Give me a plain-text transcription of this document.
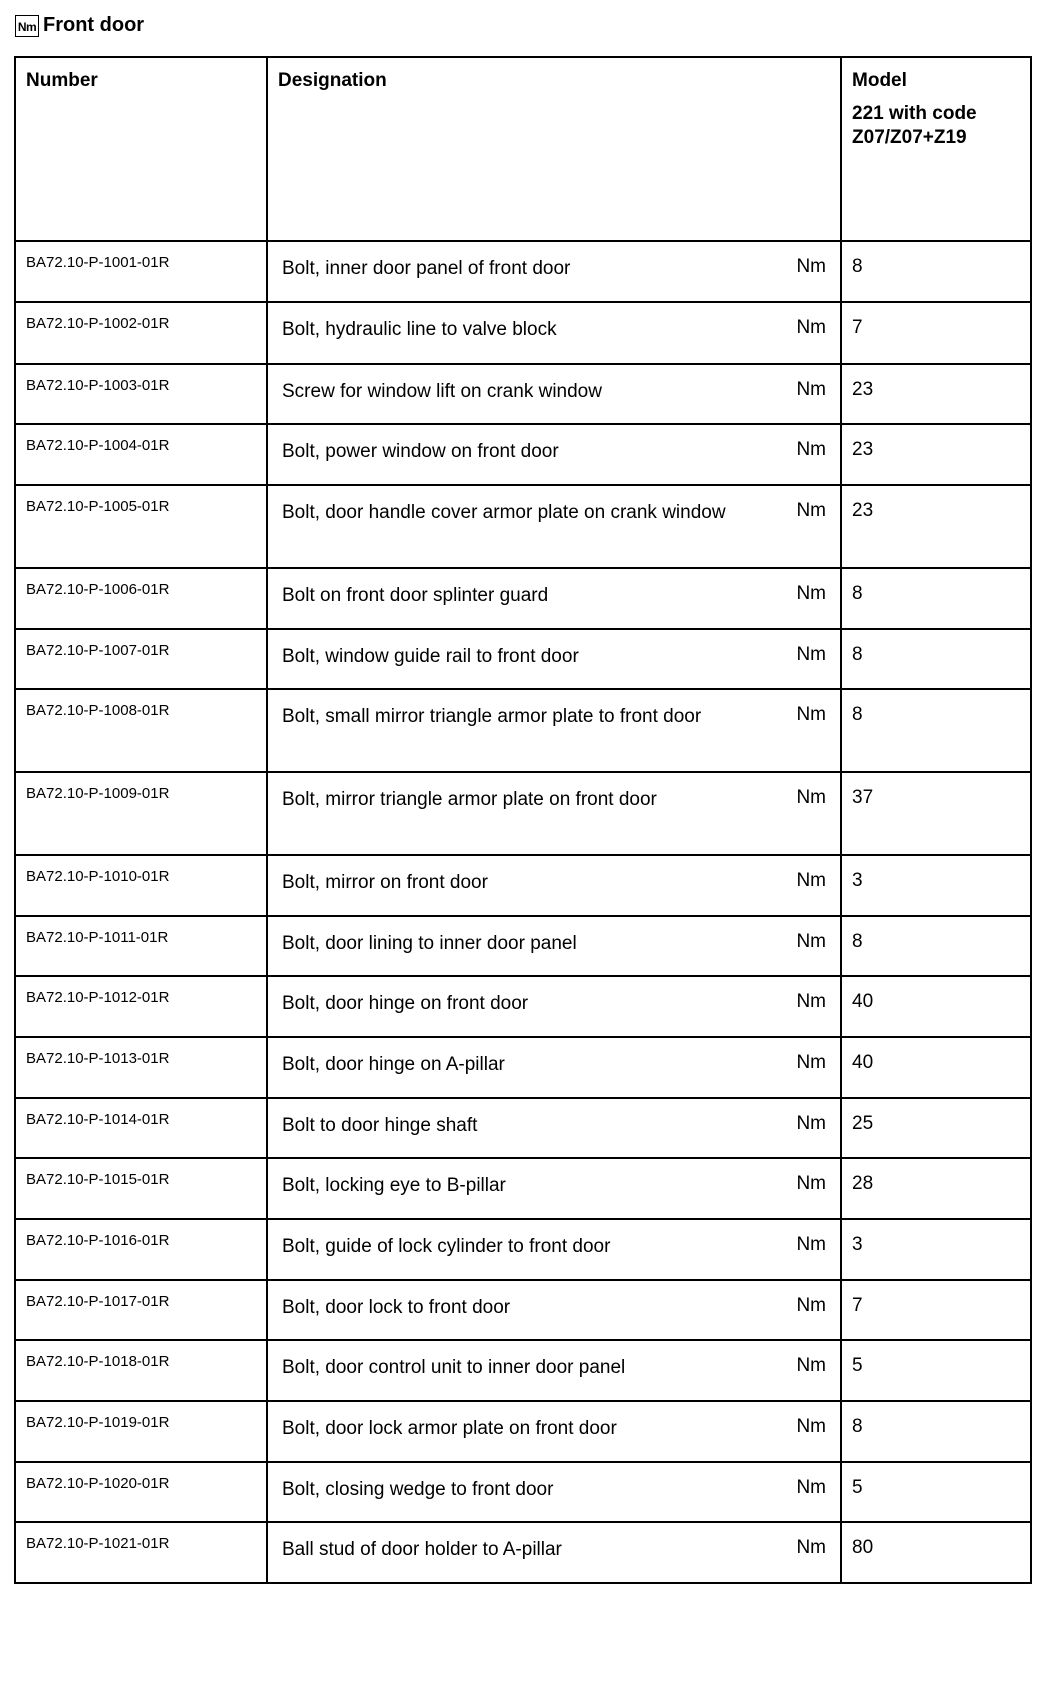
Nm Front door
Number	Designation		Model
221 with code
Z07/Z07+Z19

BA72.10-P-1001-01R	Bolt, inner door panel of front door	Nm	8
BA72.10-P-1002-01R	Bolt, hydraulic line to valve block	Nm	7
BA72.10-P-1003-01R	Screw for window lift on crank window	Nm	23
BA72.10-P-1004-01R	Bolt, power window on front door	Nm	23
BA72.10-P-1005-01R	Bolt, door handle cover armor plate on crank window	Nm	23
BA72.10-P-1006-01R	Bolt on front door splinter guard	Nm	8
BA72.10-P-1007-01R	Bolt, window guide rail to front door	Nm	8
BA72.10-P-1008-01R	Bolt, small mirror triangle armor plate to front door	Nm	8
BA72.10-P-1009-01R	Bolt, mirror triangle armor plate on front door	Nm	37
BA72.10-P-1010-01R	Bolt, mirror on front door	Nm	3
BA72.10-P-1011-01R	Bolt, door lining to inner door panel	Nm	8
BA72.10-P-1012-01R	Bolt, door hinge on front door	Nm	40
BA72.10-P-1013-01R	Bolt, door hinge on A-pillar	Nm	40
BA72.10-P-1014-01R	Bolt to door hinge shaft	Nm	25
BA72.10-P-1015-01R	Bolt, locking eye to B-pillar	Nm	28
BA72.10-P-1016-01R	Bolt, guide of lock cylinder to front door	Nm	3
BA72.10-P-1017-01R	Bolt, door lock to front door	Nm	7
BA72.10-P-1018-01R	Bolt, door control unit to inner door panel	Nm	5
BA72.10-P-1019-01R	Bolt, door lock armor plate on front door	Nm	8
BA72.10-P-1020-01R	Bolt, closing wedge to front door	Nm	5
BA72.10-P-1021-01R	Ball stud of door holder to A-pillar	Nm	80
